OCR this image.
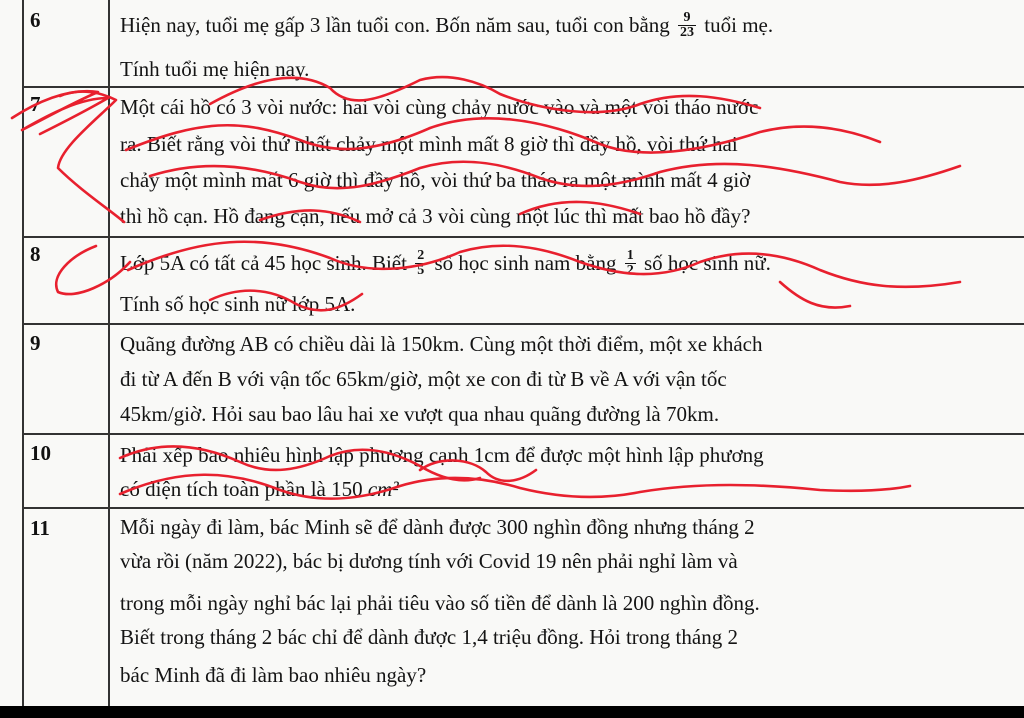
6	Hiện nay, tuổi mẹ gấp 3 lần tuổi con. Bốn năm sau, tuổi con bằng $\frac{9}{23}$ tuổi mẹ.
Tính tuổi mẹ hiện nay.
7	Một cái hồ có 3 vòi nước: hai vòi cùng chảy nước vào và một vòi tháo nước
ra. Biết rằng vòi thứ nhất chảy một mình mất 8 giờ thì đầy hồ, vòi thứ hai
chảy một mình mất 6 giờ thì đầy hồ, vòi thứ ba tháo ra một mình mất 4 giờ
thì hồ cạn. Hồ đang cạn, nếu mở cả 3 vòi cùng một lúc thì mất bao hồ đầy?
8	Lớp 5A có tất cả 45 học sinh. Biết $\frac{2}{5}$ số học sinh nam bằng $\frac{1}{2}$ số học sinh nữ.
Tính số học sinh nữ lớp 5A.
9	Quãng đường AB có chiều dài là 150km. Cùng một thời điểm, một xe khách
đi từ A đến B với vận tốc 65km/giờ, một xe con đi từ B về A với vận tốc
45km/giờ. Hỏi sau bao lâu hai xe vượt qua nhau quãng đường là 70km.
10	Phải xếp bao nhiêu hình lập phương cạnh 1cm để được một hình lập phương
có diện tích toàn phần là 150 cm²
11	Mỗi ngày đi làm, bác Minh sẽ để dành được 300 nghìn đồng nhưng tháng 2
vừa rồi (năm 2022), bác bị dương tính với Covid 19 nên phải nghỉ làm và
trong mỗi ngày nghỉ bác lại phải tiêu vào số tiền để dành là 200 nghìn đồng.
Biết trong tháng 2 bác chỉ để dành được 1,4 triệu đồng. Hỏi trong tháng 2
bác Minh đã đi làm bao nhiêu ngày?
